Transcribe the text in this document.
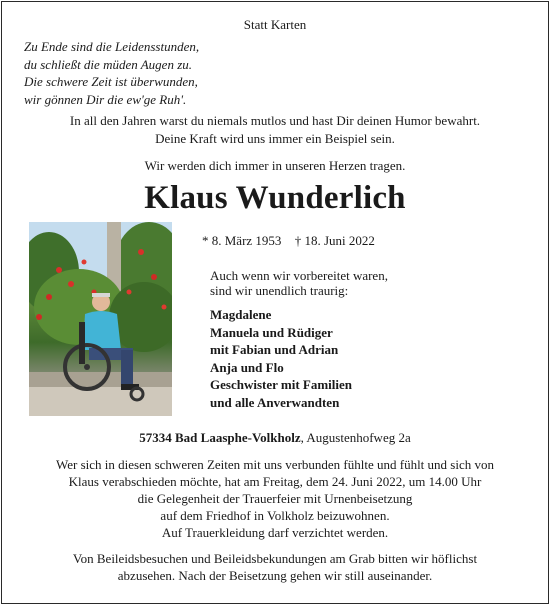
Statt Karten
Zu Ende sind die Leidensstunden,
du schließt die müden Augen zu.
Die schwere Zeit ist überwunden,
wir gönnen Dir die ew'ge Ruh'.
In all den Jahren warst du niemals mutlos und hast Dir deinen Humor bewahrt.
Deine Kraft wird uns immer ein Beispiel sein.
Wir werden dich immer in unseren Herzen tragen.
Klaus Wunderlich
* 8. März 1953 † 18. Juni 2022
Auch wenn wir vorbereitet waren,
sind wir unendlich traurig:
Magdalene
Manuela und Rüdiger
mit Fabian und Adrian
Anja und Flo
Geschwister mit Familien
und alle Anverwandten
57334 Bad Laasphe-Volkholz, Augustenhofweg 2a
Wer sich in diesen schweren Zeiten mit uns verbunden fühlte und fühlt und sich von
Klaus verabschieden möchte, hat am Freitag, dem 24. Juni 2022, um 14.00 Uhr
die Gelegenheit der Trauerfeier mit Urnenbeisetzung
auf dem Friedhof in Volkholz beizuwohnen.
Auf Trauerkleidung darf verzichtet werden.
Von Beileidsbesuchen und Beileidsbekundungen am Grab bitten wir höflichst
abzusehen. Nach der Beisetzung gehen wir still auseinander.
